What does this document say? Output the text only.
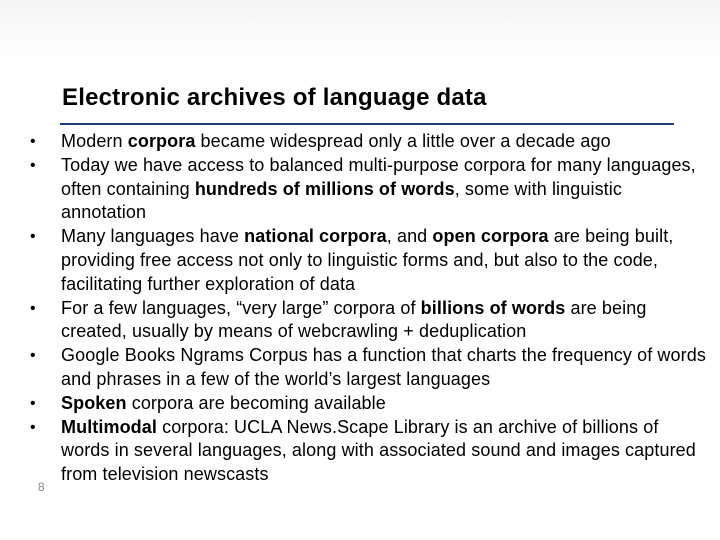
Electronic archives of language data
• Modern corpora became widespread only a little over a decade ago
• Today we have access to balanced multi-purpose corpora for many languages, often containing hundreds of millions of words, some with linguistic annotation
• Many languages have national corpora, and open corpora are being built, providing free access not only to linguistic forms and, but also to the code, facilitating further exploration of data
• For a few languages, “very large” corpora of billions of words are being created, usually by means of webcrawling + deduplication
• Google Books Ngrams Corpus has a function that charts the frequency of words and phrases in a few of the world’s largest languages
• Spoken corpora are becoming available
• Multimodal corpora: UCLA News.Scape Library is an archive of billions of words in several languages, along with associated sound and images captured from television newscasts
8
